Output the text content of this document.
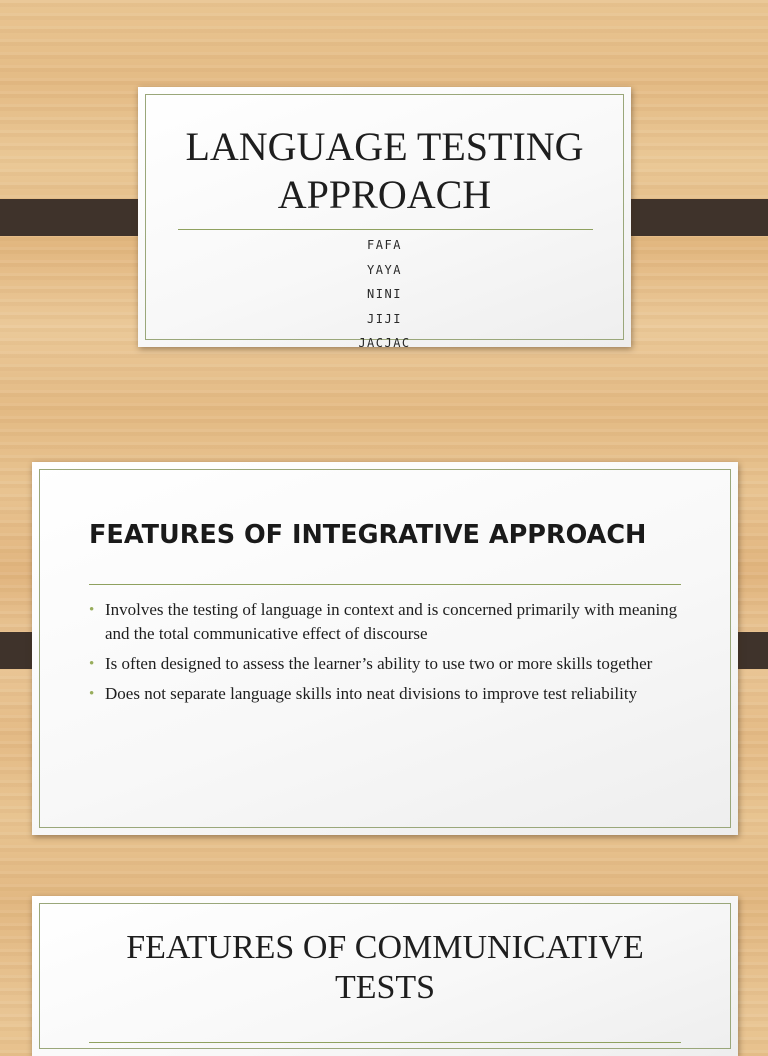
LANGUAGE TESTING
APPROACH
FAFA
YAYA
NINI
JIJI
JACJAC
FEATURES OF INTEGRATIVE APPROACH
• Involves the testing of language in context and is concerned primarily with meaning and the total communicative effect of discourse
• Is often designed to assess the learner’s ability to use two or more skills together
• Does not separate language skills into neat divisions to improve test reliability
FEATURES OF COMMUNICATIVE
TESTS
